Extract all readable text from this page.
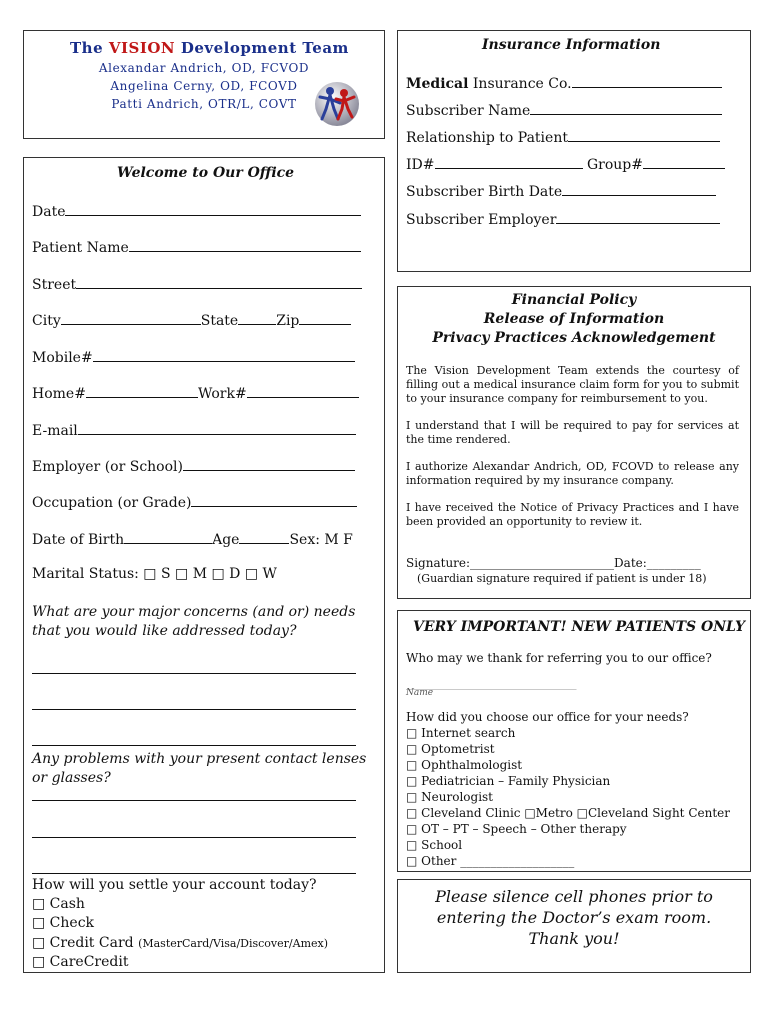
The VISION Development Team
Alexandar Andrich, OD, FCVOD
Angelina Cerny, OD, FCOVD
Patti Andrich, OTR/L, COVT
Welcome to Our Office
Date
Patient Name
Street
City	State	Zip
Mobile#
Home#	Work#
E-mail
Employer (or School)
Occupation (or Grade)
Date of Birth	Age	Sex: M F
Marital Status: □ S □ M □ D □ W
What are your major concerns (and or) needs that you would like addressed today?
Any problems with your present contact lenses or glasses?
How will you settle your account today?
□ Cash
□ Check
□ Credit Card (MasterCard/Visa/Discover/Amex)
□ CareCredit
Insurance Information
Medical Insurance Co.
Subscriber Name
Relationship to Patient
ID#	Group#
Subscriber Birth Date
Subscriber Employer
Financial Policy
Release of Information
Privacy Practices Acknowledgement
The Vision Development Team extends the courtesy of filling out a medical insurance claim form for you to submit to your insurance company for reimbursement to you.
I understand that I will be required to pay for services at the time rendered.
I authorize Alexandar Andrich, OD, FCOVD to release any information required by my insurance company.
I have received the Notice of Privacy Practices and I have been provided an opportunity to review it.
Signature:________________________Date:_________
(Guardian signature required if patient is under 18)
VERY IMPORTANT! NEW PATIENTS ONLY
Who may we thank for referring you to our office?
_______________________________
Name
How did you choose our office for your needs?
□ Internet search
□ Optometrist
□ Ophthalmologist
□ Pediatrician – Family Physician
□ Neurologist
□ Cleveland Clinic □Metro □Cleveland Sight Center
□ OT – PT – Speech – Other therapy
□ School
□ Other ___________________
Please silence cell phones prior to
entering the Doctor’s exam room.
Thank you!
